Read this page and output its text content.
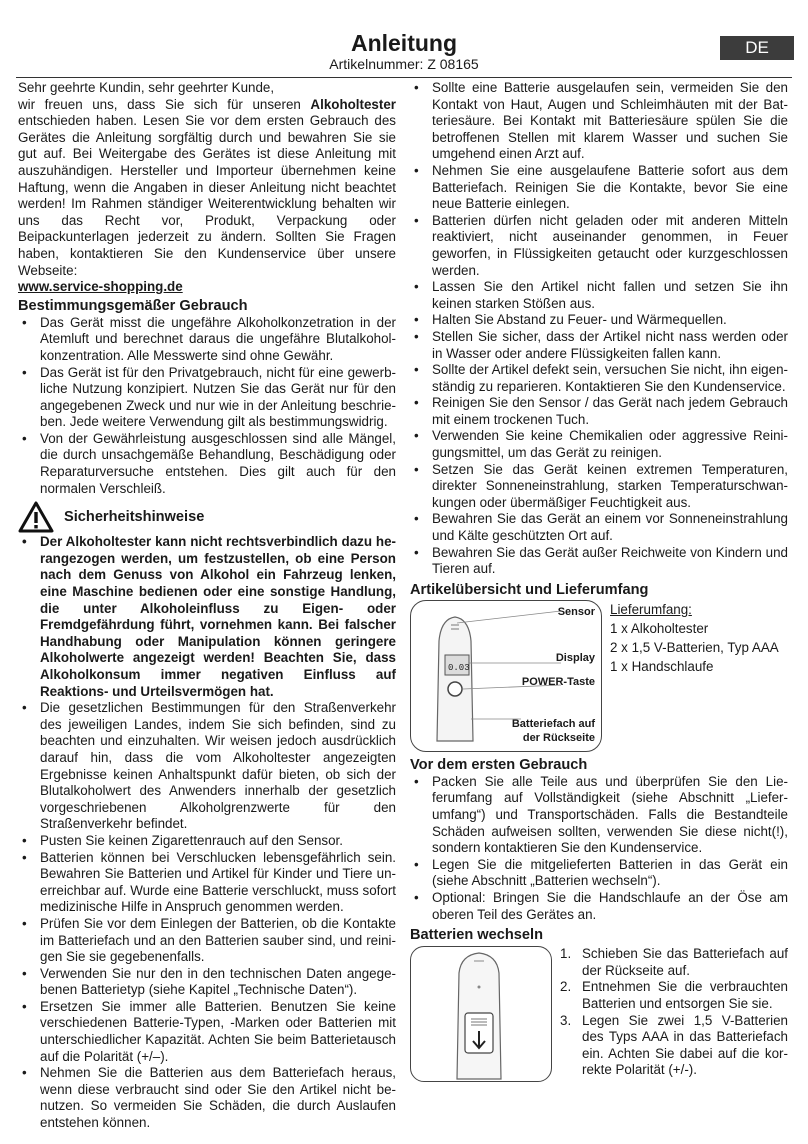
Anleitung
Artikelnummer: Z 08165
DE

Sehr geehrte Kundin, sehr geehrter Kunde,

wir freuen uns, dass Sie sich für unseren Alkoholtester entschieden haben. Lesen Sie vor dem ersten Gebrauch des Gerätes die Anleitung sorgfältig durch und bewahren Sie sie gut auf. Bei Weitergabe des Gerätes ist diese Anleitung mit auszuhändigen. Hersteller und Importeur übernehmen keine Haftung, wenn die Angaben in dieser Anleitung nicht beachtet werden! Im Rahmen ständiger Weiterentwicklung behalten wir uns das Recht vor, Produkt, Verpackung oder Beipackunterlagen jederzeit zu ändern. Sollten Sie Fragen haben, kontaktieren Sie den Kundenservice über unsere Webseite:

www.service-shopping.de
Bestimmungsgemäßer Gebrauch
• Das Gerät misst die ungefähre Alkoholkonzetration in der Atemluft und berechnet daraus die ungefähre Blutalkoholkonzentration. Alle Messwerte sind ohne Gewähr.
• Das Gerät ist für den Privatgebrauch, nicht für eine gewerbliche Nutzung konzipiert. Nutzen Sie das Gerät nur für den angegebenen Zweck und nur wie in der Anleitung beschrieben. Jede weitere Verwendung gilt als bestimmungswidrig.
• Von der Gewährleistung ausgeschlossen sind alle Mängel, die durch unsachgemäße Behandlung, Beschädigung oder Reparaturversuche entstehen. Dies gilt auch für den normalen Verschleiß.
Sicherheitshinweise
• Der Alkoholtester kann nicht rechtsverbindlich dazu herangezogen werden, um festzustellen, ob eine Person nach dem Genuss von Alkohol ein Fahrzeug lenken, eine Maschine bedienen oder eine sonstige Handlung, die unter Alkoholeinfluss zu Eigen- oder Fremdgefährdung führt, vornehmen kann. Bei falscher Handhabung oder Manipulation können geringere Alkoholwerte angezeigt werden! Beachten Sie, dass Alkoholkonsum immer negativen Einfluss auf Reaktions- und Urteilsvermögen hat.
• Die gesetzlichen Bestimmungen für den Straßenverkehr des jeweiligen Landes, indem Sie sich befinden, sind zu beachten und einzuhalten. Wir weisen jedoch ausdrücklich darauf hin, dass die vom Alkoholtester angezeigten Ergebnisse keinen Anhaltspunkt dafür bieten, ob sich der Blutalkoholwert des Anwenders innerhalb der gesetzlich vorgeschriebenen Alkoholgrenzwerte für den Straßenverkehr befindet.
• Pusten Sie keinen Zigarettenrauch auf den Sensor.
• Batterien können bei Verschlucken lebensgefährlich sein. Bewahren Sie Batterien und Artikel für Kinder und Tiere unerreichbar auf. Wurde eine Batterie verschluckt, muss sofort medizinische Hilfe in Anspruch genommen werden.
• Prüfen Sie vor dem Einlegen der Batterien, ob die Kontakte im Batteriefach und an den Batterien sauber sind, und reinigen Sie sie gegebenenfalls.
• Verwenden Sie nur den in den technischen Daten angegebenen Batterietyp (siehe Kapitel „Technische Daten“).
• Ersetzen Sie immer alle Batterien. Benutzen Sie keine verschiedenen Batterie-Typen, -Marken oder Batterien mit unterschiedlicher Kapazität. Achten Sie beim Batterietausch auf die Polarität (+/–).
• Nehmen Sie die Batterien aus dem Batteriefach heraus, wenn diese verbraucht sind oder Sie den Artikel nicht benutzen. So vermeiden Sie Schäden, die durch Auslaufen entstehen können.
• Sollte eine Batterie ausgelaufen sein, vermeiden Sie den Kontakt von Haut, Augen und Schleimhäuten mit der Batteriesäure. Bei Kontakt mit Batteriesäure spülen Sie die betroffenen Stellen mit klarem Wasser und suchen Sie umgehend einen Arzt auf.
• Nehmen Sie eine ausgelaufene Batterie sofort aus dem Batteriefach. Reinigen Sie die Kontakte, bevor Sie eine neue Batterie einlegen.
• Batterien dürfen nicht geladen oder mit anderen Mitteln reaktiviert, nicht auseinander genommen, in Feuer geworfen, in Flüssigkeiten getaucht oder kurzgeschlossen werden.
• Lassen Sie den Artikel nicht fallen und setzen Sie ihn keinen starken Stößen aus.
• Halten Sie Abstand zu Feuer- und Wärmequellen.
• Stellen Sie sicher, dass der Artikel nicht nass werden oder in Wasser oder andere Flüssigkeiten fallen kann.
• Sollte der Artikel defekt sein, versuchen Sie nicht, ihn eigenständig zu reparieren. Kontaktieren Sie den Kundenservice.
• Reinigen Sie den Sensor / das Gerät nach jedem Gebrauch mit einem trockenen Tuch.
• Verwenden Sie keine Chemikalien oder aggressive Reinigungsmittel, um das Gerät zu reinigen.
• Setzen Sie das Gerät keinen extremen Temperaturen, direkter Sonneneinstrahlung, starken Temperaturschwankungen oder übermäßiger Feuchtigkeit aus.
• Bewahren Sie das Gerät an einem vor Sonneneinstrahlung und Kälte geschützten Ort auf.
• Bewahren Sie das Gerät außer Reichweite von Kindern und Tieren auf.
Artikelübersicht und Lieferumfang
0.03
Sensor
Display
POWER-Taste
Batteriefach auf
der Rückseite
Lieferumfang:
1 x Alkoholtester
2 x 1,5 V-Batterien, Typ AAA
1 x Handschlaufe
Vor dem ersten Gebrauch
• Packen Sie alle Teile aus und überprüfen Sie den Lieferumfang auf Vollständigkeit (siehe Abschnitt „Lieferumfang“) und Transportschäden. Falls die Bestandteile Schäden aufweisen sollten, verwenden Sie diese nicht(!), sondern kontaktieren Sie den Kundenservice.
• Legen Sie die mitgelieferten Batterien in das Gerät ein (siehe Abschnitt „Batterien wechseln“).
• Optional: Bringen Sie die Handschlaufe an der Öse am oberen Teil des Gerätes an.
Batterien wechseln
1. Schieben Sie das Batteriefach auf der Rückseite auf.
2. Entnehmen Sie die verbrauchten Batterien und entsorgen Sie sie.
3. Legen Sie zwei 1,5 V-Batterien des Typs AAA in das Batteriefach ein. Achten Sie dabei auf die korrekte Polarität (+/-).
